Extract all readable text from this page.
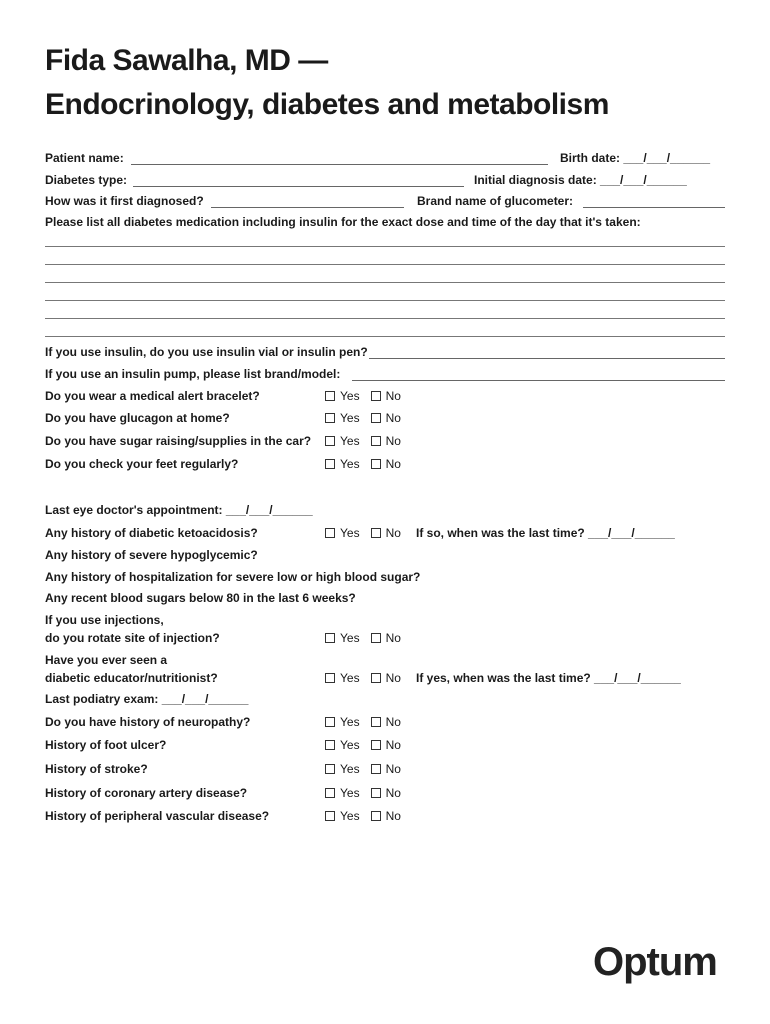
Fida Sawalha, MD —
Endocrinology, diabetes and metabolism
Patient name:	Birth date: ___/___/______
Diabetes type:	Initial diagnosis date: ___/___/______
How was it first diagnosed?	Brand name of glucometer:
Please list all diabetes medication including insulin for the exact dose and time of the day that it's taken:
If you use insulin, do you use insulin vial or insulin pen?
If you use an insulin pump, please list brand/model:
Do you wear a medical alert bracelet?	Yes No
Do you have glucagon at home?	Yes No
Do you have sugar raising/supplies in the car? Yes No
Do you check your feet regularly?	Yes No
Last eye doctor's appointment: ___/___/______
Any history of diabetic ketoacidosis?	Yes No If so, when was the last time? ___/___/______
Any history of severe hypoglycemic?
Any history of hospitalization for severe low or high blood sugar?
Any recent blood sugars below 80 in the last 6 weeks?
If you use injections,
do you rotate site of injection?	Yes No
Have you ever seen a
diabetic educator/nutritionist?	Yes No If yes, when was the last time? ___/___/______
Last podiatry exam: ___/___/______
Do you have history of neuropathy?	Yes No
History of foot ulcer?	Yes No
History of stroke?	Yes No
History of coronary artery disease?	Yes No
History of peripheral vascular disease?	Yes No
Optum
